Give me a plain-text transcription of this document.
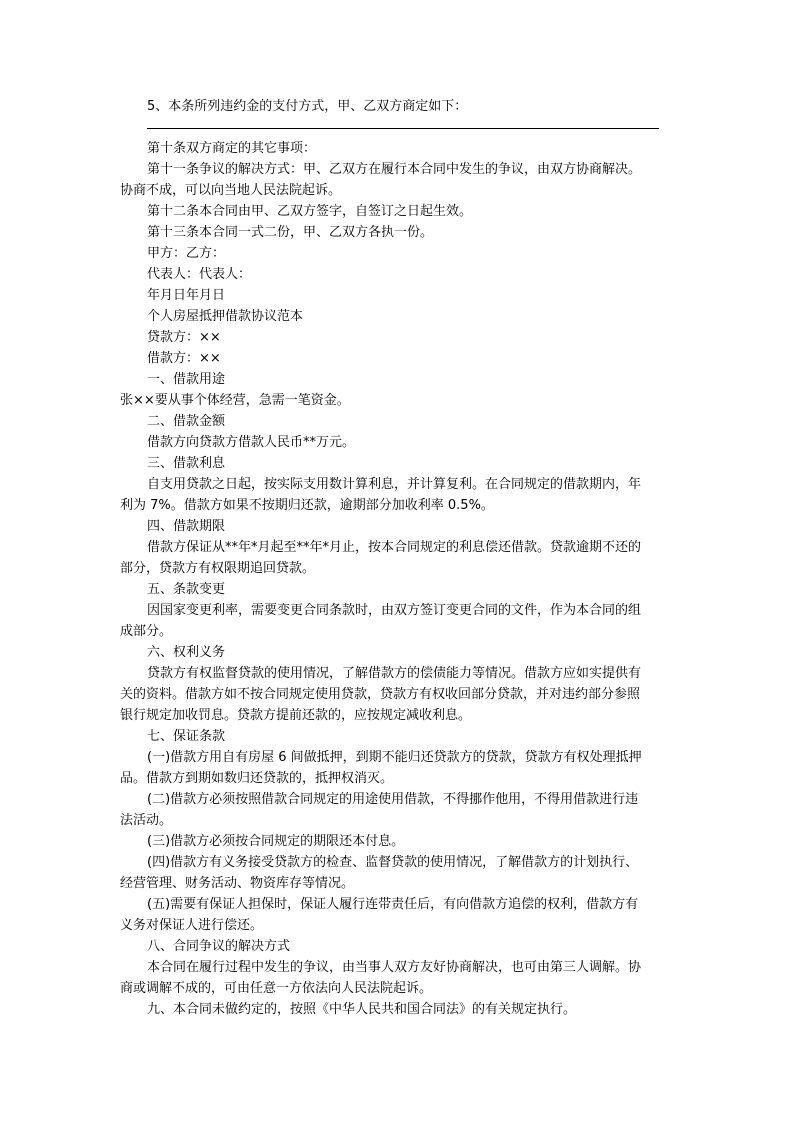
5、本条所列违约金的支付方式，甲、乙双方商定如下：

第十条双方商定的其它事项：

第十一条争议的解决方式：甲、乙双方在履行本合同中发生的争议，由双方协商解决。
协商不成，可以向当地人民法院起诉。

第十二条本合同由甲、乙双方签字，自签订之日起生效。

第十三条本合同一式二份，甲、乙双方各执一份。

甲方：乙方：

代表人：代表人：

年月日年月日

个人房屋抵押借款协议范本

贷款方：××

借款方：××

一、借款用途

张××要从事个体经营，急需一笔资金。

二、借款金额

借款方向贷款方借款人民币**万元。

三、借款利息

自支用贷款之日起，按实际支用数计算利息，并计算复利。在合同规定的借款期内，年
利为 7%。借款方如果不按期归还款，逾期部分加收利率 0.5%。

四、借款期限

借款方保证从**年*月起至**年*月止，按本合同规定的利息偿还借款。贷款逾期不还的
部分，贷款方有权限期追回贷款。

五、条款变更

因国家变更利率，需要变更合同条款时，由双方签订变更合同的文件，作为本合同的组
成部分。

六、权利义务

贷款方有权监督贷款的使用情况，了解借款方的偿债能力等情况。借款方应如实提供有
关的资料。借款方如不按合同规定使用贷款，贷款方有权收回部分贷款，并对违约部分参照
银行规定加收罚息。贷款方提前还款的，应按规定减收利息。

七、保证条款

(一)借款方用自有房屋 6 间做抵押，到期不能归还贷款方的贷款，贷款方有权处理抵押
品。借款方到期如数归还贷款的，抵押权消灭。
(二)借款方必须按照借款合同规定的用途使用借款，不得挪作他用，不得用借款进行违
法活动。

(三)借款方必须按合同规定的期限还本付息。

(四)借款方有义务接受贷款方的检查、监督贷款的使用情况，了解借款方的计划执行、
经营管理、财务活动、物资库存等情况。
(五)需要有保证人担保时，保证人履行连带责任后，有向借款方追偿的权利，借款方有
义务对保证人进行偿还。

八、合同争议的解决方式

本合同在履行过程中发生的争议，由当事人双方友好协商解决，也可由第三人调解。协
商或调解不成的，可由任意一方依法向人民法院起诉。

九、本合同未做约定的，按照《中华人民共和国合同法》的有关规定执行。
